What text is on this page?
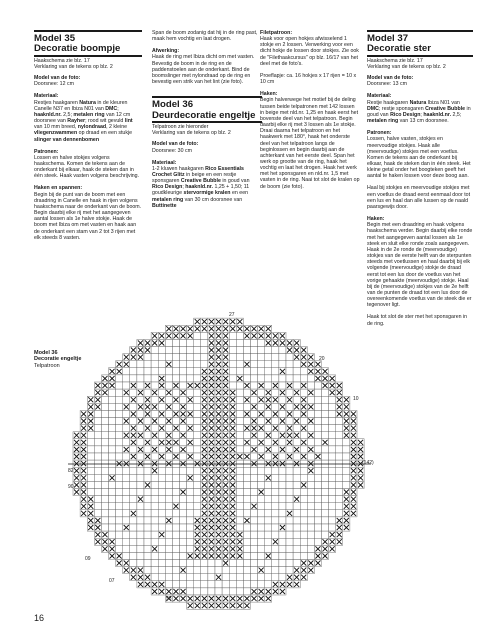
Model 35
Decoratie boompje
Haakschema zie blz. 17
Verklaring van de tekens op blz. 2
Model van de foto:

Doorsnee: 12 cm

Materiaal:

Restjes haakgaren Natura in de kleuren Canelle N37 en Ibiza N01 van DMC; haaknld.nr. 2,5; metalen ring van 12 cm doorsnee van Rayher; rood wit gevuld lint van 10 mm breed, nylondraad, 2 kleine vliegenzwammen op draad en een stukje slinger van dennenbomen

Patronen:

Lossen en halve stokjes volgens haakschema. Komen de tekens aan de onderkant bij elkaar, haak de steken dan in één steek. Haak vasten volgens beschrijving.

Haken en spannen:

Begin bij de punt van de boom met een draadring in Canelle en haak in rijen volgens haakschema naar de onderkant van de boom. Begin daarbij elke rij met het aangegeven aantal lossen als 1e halve stokje. Haak de boom met Ibiza om met vasten en haak aan de onderkant een stam van 2 tot 3 rijen met elk steeds 8 vasten.

Span de boom zodanig dat hij in de ring past, maak hem vochtig en laat drogen.

Afwerking:

Haak de ring met Ibiza dicht om met vasten. Bevestig de boom in de ring en de paddenstoelen aan de onderkant. Bind de boomslinger met nylondraad op de ring en bevestig een strik van het lint (zie foto).

Model 36
Deurdecoratie engeltje
Telpatroon zie hieronder
Verklaring van de tekens op blz. 2
Model van de foto:

Doorsnee: 30 cm

Materiaal:

1-2 kluwen haakgaren Rico Essentials Crochet Glitz in beige en een restje sponsgaren Creative Bubble in goud van Rico Design; haaknld.nr. 1,25 + 1,50; 11 goudkleurige stervormige kralen en een metalen ring van 30 cm doorsnee van Buttinette

Filetpatroon:

Haak voor open hokjes afwisselend 1 stokje en 2 lossen. Verwerking voor een dicht hokje de lossen door stokjes. Zie ook de "Filethaakcursus" op blz. 16/17 van het deel met de foto's.

Proeflapje: ca. 16 hokjes x 17 rijen = 10 x 10 cm

Haken:

Begin halverwege het motief bij de deling tussen beide telpatronen met 142 lossen in beige met nld.nr. 1,25 en haak eerst het bovenste deel van het telpatroon. Begin daarbij elke rij met 3 lossen als 1e stokje. Draai daarna het telpatroon en het haakwerk met 180°, haak het onderste deel van het telpatroon langs de beginlossen en begin daarbij aan de achterkant van het eerste deel. Span het werk op grootte van de ring, haak het vochtig en laat het drogen. Haak het werk met het sponsgaren en nld.nr. 1,5 met vasten in de ring. Naai tot slot de kralen op de boom (zie foto).

Model 37
Decoratie ster
Haakschema zie blz. 17
Verklaring van de tekens op blz. 2
Model van de foto:

Doorsnee: 13 cm

Materiaal:

Restje haakgaren Natura Ibiza N01 van DMC; restje sponsgaren Creative Bubble in goud van Rico Design; haaknld.nr. 2,5; metalen ring van 13 cm doorsnee.

Patronen:

Lossen, halve vasten, stokjes en meervoudige stokjes. Haak alle (meervoudige) stokjes met een voetlus. Komen de tekens aan de onderkant bij elkaar, haak de steken dan in één steek. Het kleine getal onder het boogteken geeft het aantal te haken lossen voor deze boog aan.

Haal bij stokjes en meervoudige stokjes met een voetlus de draad eerst eenmaal door tot een lus en haal dan alle lussen op de naald paarsgewijs door.

Haken:

Begin met een draadring en haak volgens haakschema verder. Begin daarbij elke ronde met het aangegeven aantal lossen als 1e steek en sluit elke ronde zoals aangegeven. Haak in de 2e ronde de (meervoudige) stokjes van de eerste helft van de sterpunten steeds met voetlussen en haal daarbij bij elk volgende (meervoudige) stokje de draad eerst tot een lus door de voetlus van het vorige gehaakte (meervoudige) stokje. Haal bij de (meervoudige) stokjes van de 2e helft van de punten de draad tot een lus door de overeenkomende voetlus van de steek die er tegenover ligt.

Haak tot slot de ster met het sponsgaren in de ring.

Model 36
Decoratie engeltje
Telpatroon
27
20
10
(142)
82
90
09
07
98
16
